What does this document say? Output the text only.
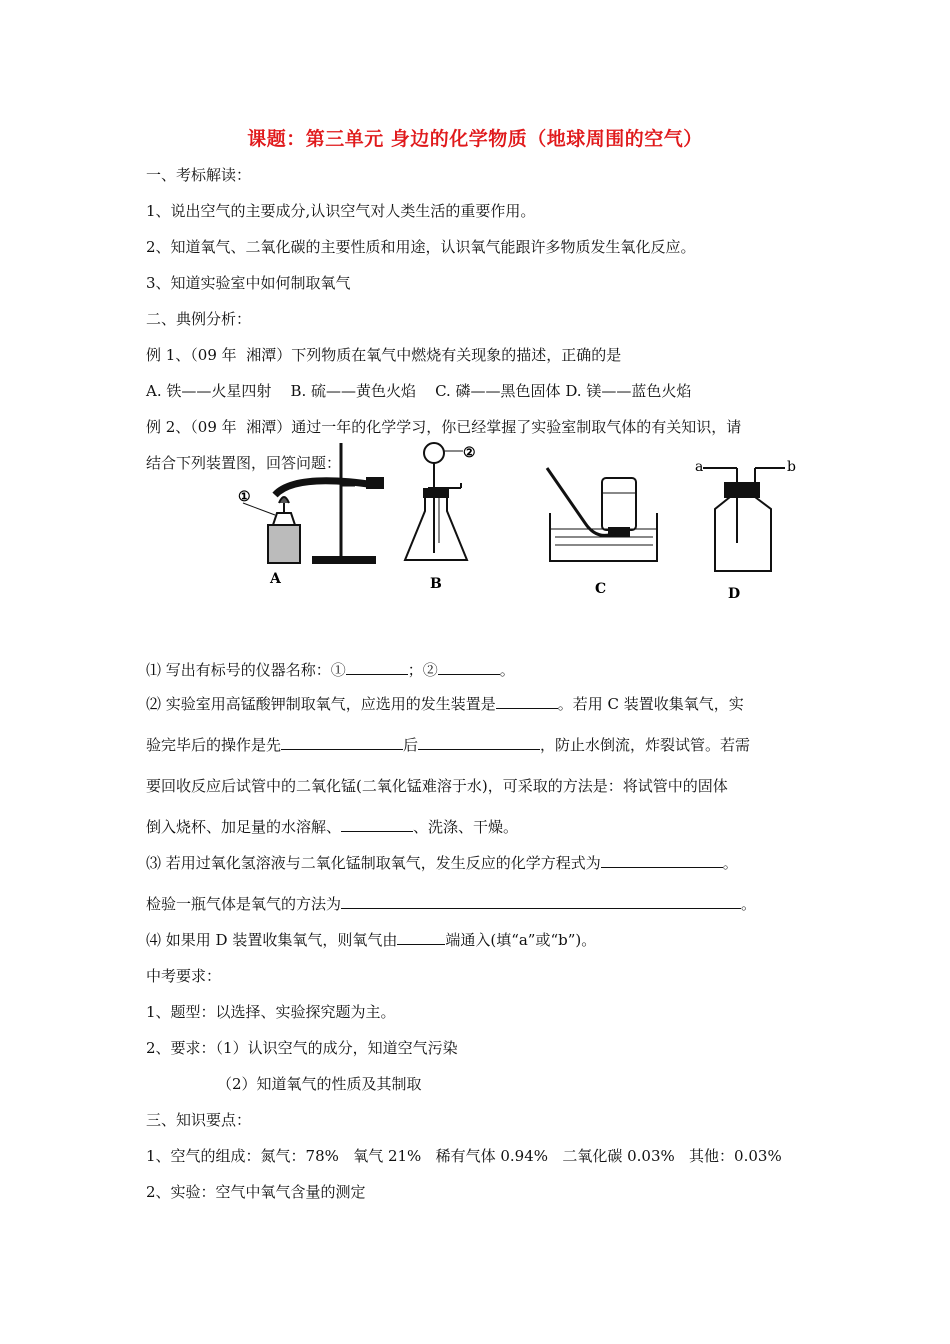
课题：第三单元 身边的化学物质（地球周围的空气）
一、考标解读：
1、说出空气的主要成分,认识空气对人类生活的重要作用。
2、知道氧气、二氧化碳的主要性质和用途，认识氧气能跟许多物质发生氧化反应。
3、知道实验室中如何制取氧气
二、典例分析：
例 1、（09 年  湘潭）下列物质在氧气中燃烧有关现象的描述，正确的是
A. 铁——火星四射    B. 硫——黄色火焰    C. 磷——黑色固体 D. 镁——蓝色火焰
例 2、（09 年  湘潭）通过一年的化学学习，你已经掌握了实验室制取气体的有关知识，请
结合下列装置图，回答问题：
①
②
a	b
A	B	C	D
⑴ 写出有标号的仪器名称：①	；②	。
⑵ 实验室用高锰酸钾制取氧气，应选用的发生装置是	。若用 C 装置收集氧气，实
验完毕后的操作是先	后	，防止水倒流，炸裂试管。若需
要回收反应后试管中的二氧化锰(二氧化锰难溶于水)，可采取的方法是：将试管中的固体
倒入烧杯、加足量的水溶解、	、洗涤、干燥。
⑶ 若用过氧化氢溶液与二氧化锰制取氧气，发生反应的化学方程式为	。
检验一瓶气体是氧气的方法为	。
⑷ 如果用 D 装置收集氧气，则氧气由	端通入(填“a”或“b”)。
中考要求：
1、题型：以选择、实验探究题为主。
2、要求：（1）认识空气的成分，知道空气污染
（2）知道氧气的性质及其制取
三、知识要点：
1、空气的组成：氮气：78%   氧气 21%   稀有气体 0.94%   二氧化碳 0.03%   其他：0.03%
2、实验：空气中氧气含量的测定
